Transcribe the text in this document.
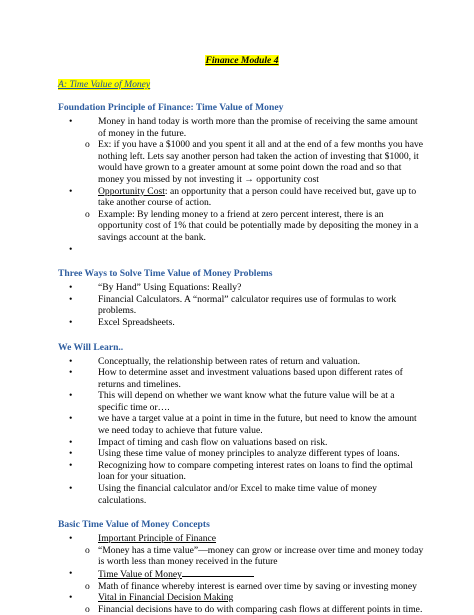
Finance Module 4
A: Time Value of Money
Foundation Principle of Finance: Time Value of Money
•	Money in hand today is worth more than the promise of receiving the same amount of money in the future.
o Ex: if you have a $1000 and you spent it all and at the end of a few months you have nothing left. Lets say another person had taken the action of investing that $1000, it would have grown to a greater amount at some point down the road and so that money you missed by not investing it → opportunity cost
•	Opportunity Cost: an opportunity that a person could have received but, gave up to take another course of action.
o Example: By lending money to a friend at zero percent interest, there is an opportunity cost of 1% that could be potentially made by depositing the money in a savings account at the bank.
•

Three Ways to Solve Time Value of Money Problems
•	“By Hand” Using Equations: Really?
•	Financial Calculators. A “normal” calculator requires use of formulas to work problems.
•	Excel Spreadsheets.
We Will Learn..
•	Conceptually, the relationship between rates of return and valuation.
•	How to determine asset and investment valuations based upon different rates of returns and timelines.
•	This will depend on whether we want know what the future value will be at a specific time or….
•	we have a target value at a point in time in the future, but need to know the amount we need today to achieve that future value.
•	Impact of timing and cash flow on valuations based on risk.
•	Using these time value of money principles to analyze different types of loans.
•	Recognizing how to compare competing interest rates on loans to find the optimal loan for your situation.
•	Using the financial calculator and/or Excel to make time value of money calculations.
Basic Time Value of Money Concepts
•	Important Principle of Finance
o “Money has a time value”—money can grow or increase over time and money today is worth less than money received in the future
•	Time Value of Money
o Math of finance whereby interest is earned over time by saving or investing money
•	Vital in Financial Decision Making
o Financial decisions have to do with comparing cash flows at different points in time.
